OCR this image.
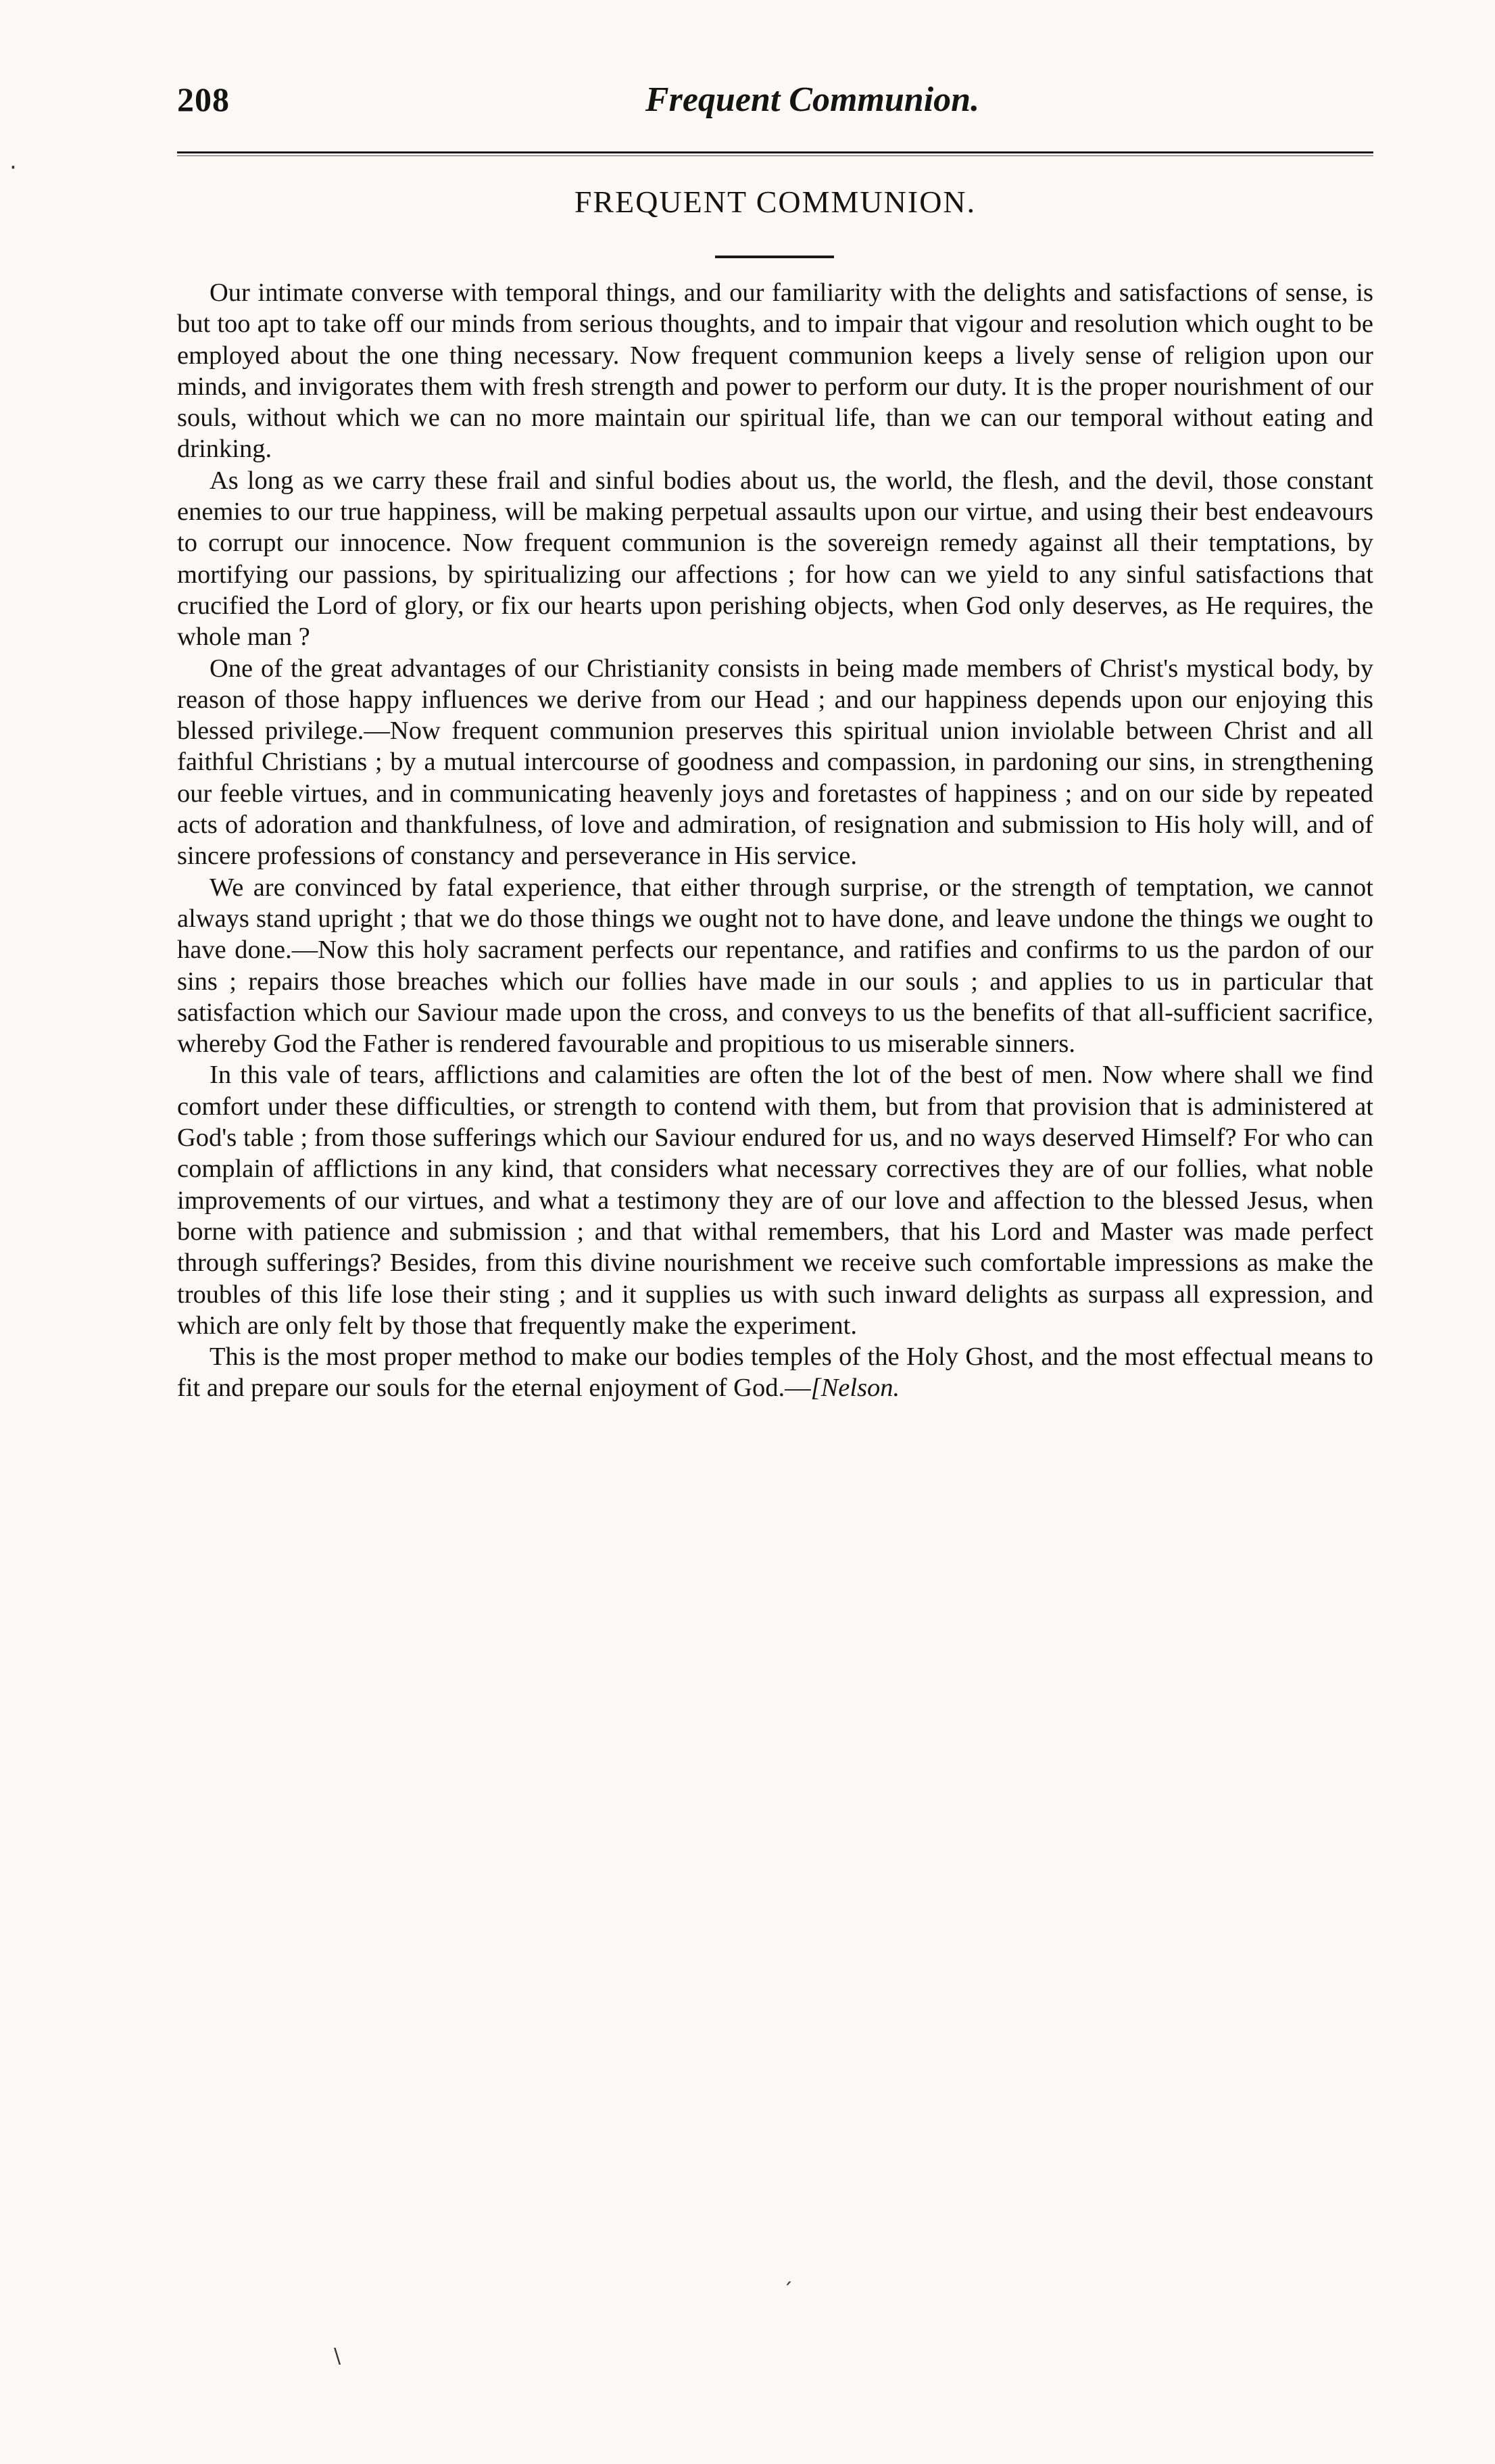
208	Frequent Communion.
FREQUENT COMMUNION.

Our intimate converse with temporal things, and our familiarity with the delights and satisfactions of sense, is but too apt to take off our minds from serious thoughts, and to impair that vigour and resolution which ought to be employed about the one thing necessary. Now frequent communion keeps a lively sense of religion upon our minds, and invigorates them with fresh strength and power to perform our duty. It is the proper nourishment of our souls, without which we can no more maintain our spiritual life, than we can our temporal without eating and drinking.

As long as we carry these frail and sinful bodies about us, the world, the flesh, and the devil, those constant enemies to our true happiness, will be making perpetual assaults upon our virtue, and using their best endeavours to corrupt our innocence. Now frequent communion is the sovereign remedy against all their temptations, by mortifying our passions, by spiritualizing our affections ; for how can we yield to any sinful satisfactions that crucified the Lord of glory, or fix our hearts upon perishing objects, when God only deserves, as He requires, the whole man ?

One of the great advantages of our Christianity consists in being made members of Christ's mystical body, by reason of those happy influences we derive from our Head ; and our happiness depends upon our enjoying this blessed privilege.—Now frequent communion preserves this spiritual union inviolable between Christ and all faithful Christians ; by a mutual intercourse of goodness and compassion, in pardoning our sins, in strengthening our feeble virtues, and in communicating heavenly joys and foretastes of happiness ; and on our side by repeated acts of adoration and thankfulness, of love and admiration, of resignation and submission to His holy will, and of sincere professions of constancy and perseverance in His service.

We are convinced by fatal experience, that either through surprise, or the strength of temptation, we cannot always stand upright ; that we do those things we ought not to have done, and leave undone the things we ought to have done.—Now this holy sacrament perfects our repentance, and ratifies and confirms to us the pardon of our sins ; repairs those breaches which our follies have made in our souls ; and applies to us in particular that satisfaction which our Saviour made upon the cross, and conveys to us the benefits of that all-sufficient sacrifice, whereby God the Father is rendered favourable and propitious to us miserable sinners.

In this vale of tears, afflictions and calamities are often the lot of the best of men. Now where shall we find comfort under these difficulties, or strength to contend with them, but from that provision that is administered at God's table ; from those sufferings which our Saviour endured for us, and no ways deserved Himself? For who can complain of afflictions in any kind, that considers what necessary correctives they are of our follies, what noble improvements of our virtues, and what a testimony they are of our love and affection to the blessed Jesus, when borne with patience and submission ; and that withal remembers, that his Lord and Master was made perfect through sufferings? Besides, from this divine nourishment we receive such comfortable impressions as make the troubles of this life lose their sting ; and it supplies us with such inward delights as surpass all expression, and which are only felt by those that frequently make the experiment.

This is the most proper method to make our bodies temples of the Holy Ghost, and the most effectual means to fit and prepare our souls for the eternal enjoyment of God.—[Nelson.

·
´
\
